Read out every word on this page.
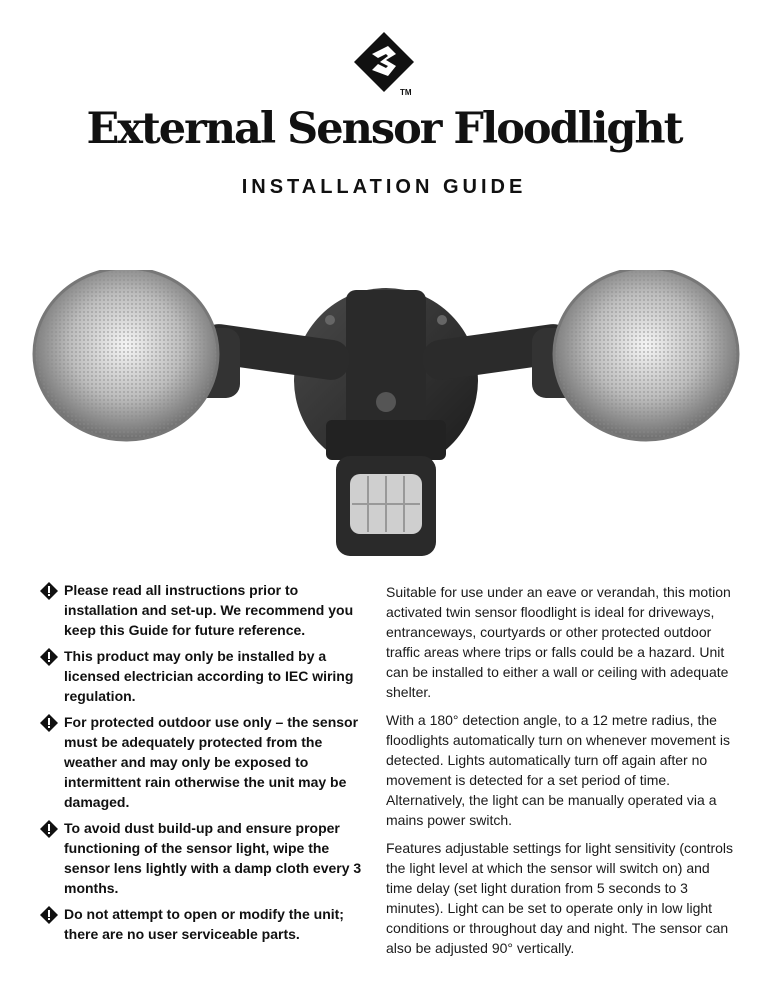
TM
External Sensor Floodlight
INSTALLATION GUIDE
Please read all instructions prior to installation and set-up. We recommend you keep this Guide for future reference.
This product may only be installed by a licensed electrician according to IEC wiring regulation.
For protected outdoor use only – the sensor must be adequately protected from the weather and may only be exposed to intermittent rain otherwise the unit may be damaged.
To avoid dust build-up and ensure proper functioning of the sensor light, wipe the sensor lens lightly with a damp cloth every 3 months.
Do not attempt to open or modify the unit; there are no user serviceable parts.

Suitable for use under an eave or verandah, this motion activated twin sensor floodlight is ideal for driveways, entranceways, courtyards or other protected outdoor traffic areas where trips or falls could be a hazard. Unit can be installed to either a wall or ceiling with adequate shelter.

With a 180° detection angle, to a 12 metre radius, the floodlights automatically turn on whenever movement is detected. Lights automatically turn off again after no movement is detected for a set period of time. Alternatively, the light can be manually operated via a mains power switch.

Features adjustable settings for light sensitivity (controls the light level at which the sensor will switch on) and time delay (set light duration from 5 seconds to 3 minutes). Light can be set to operate only in low light conditions or throughout day and night. The sensor can also be adjusted 90° vertically.
